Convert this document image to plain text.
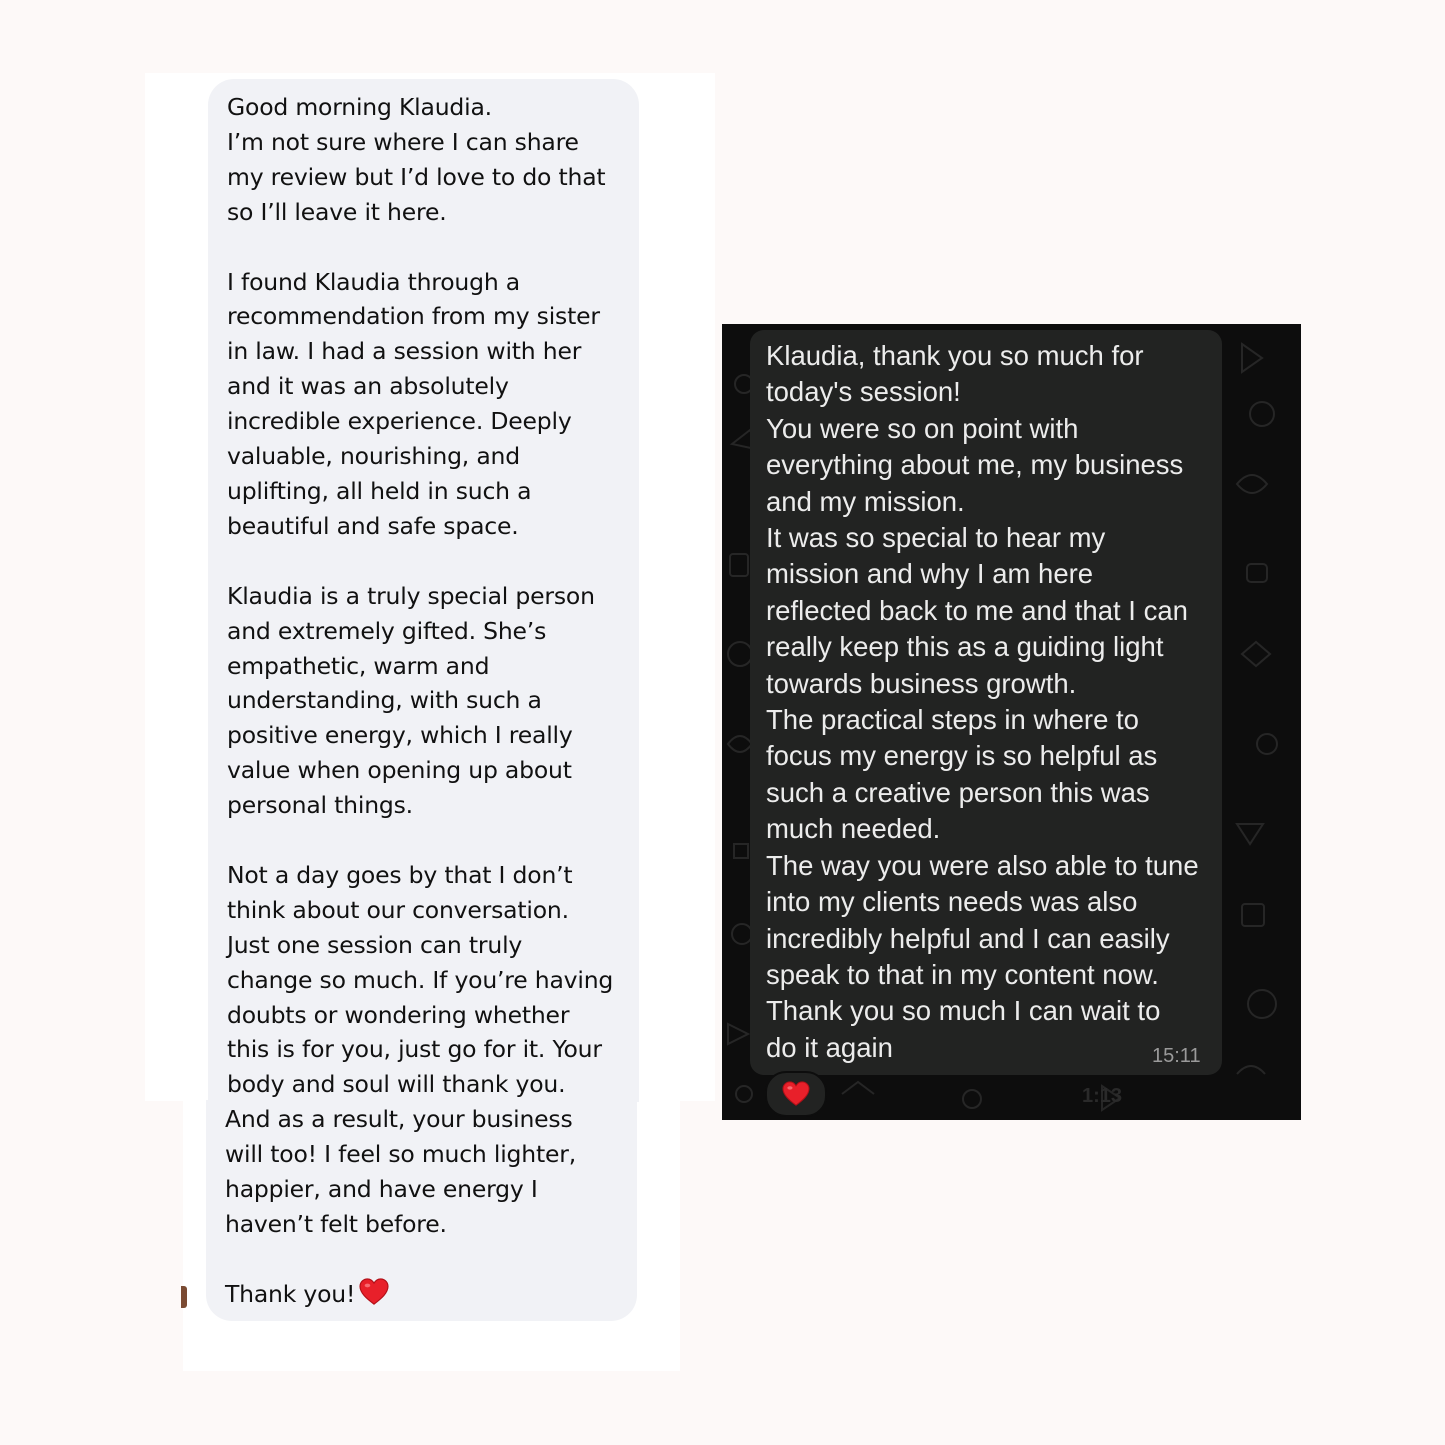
Good morning Klaudia.
I’m not sure where I can share
my review but I’d love to do that
so I’ll leave it here.

I found Klaudia through a
recommendation from my sister
in law. I had a session with her
and it was an absolutely
incredible experience. Deeply
valuable, nourishing, and
uplifting, all held in such a
beautiful and safe space.

Klaudia is a truly special person
and extremely gifted. She’s
empathetic, warm and
understanding, with such a
positive energy, which I really
value when opening up about
personal things.

Not a day goes by that I don’t
think about our conversation.
Just one session can truly
change so much. If you’re having
doubts or wondering whether
this is for you, just go for it. Your
body and soul will thank you.

And as a result, your business
will too! I feel so much lighter,
happier, and have energy I
haven’t felt before.

Thank you!

1:13

Klaudia, thank you so much for
today's session!
You were so on point with
everything about me, my business
and my mission.
It was so special to hear my
mission and why I am here
reflected back to me and that I can
really keep this as a guiding light
towards business growth.
The practical steps in where to
focus my energy is so helpful as
such a creative person this was
much needed.
The way you were also able to tune
into my clients needs was also
incredibly helpful and I can easily
speak to that in my content now.
Thank you so much I can wait to
do it again	15:11
